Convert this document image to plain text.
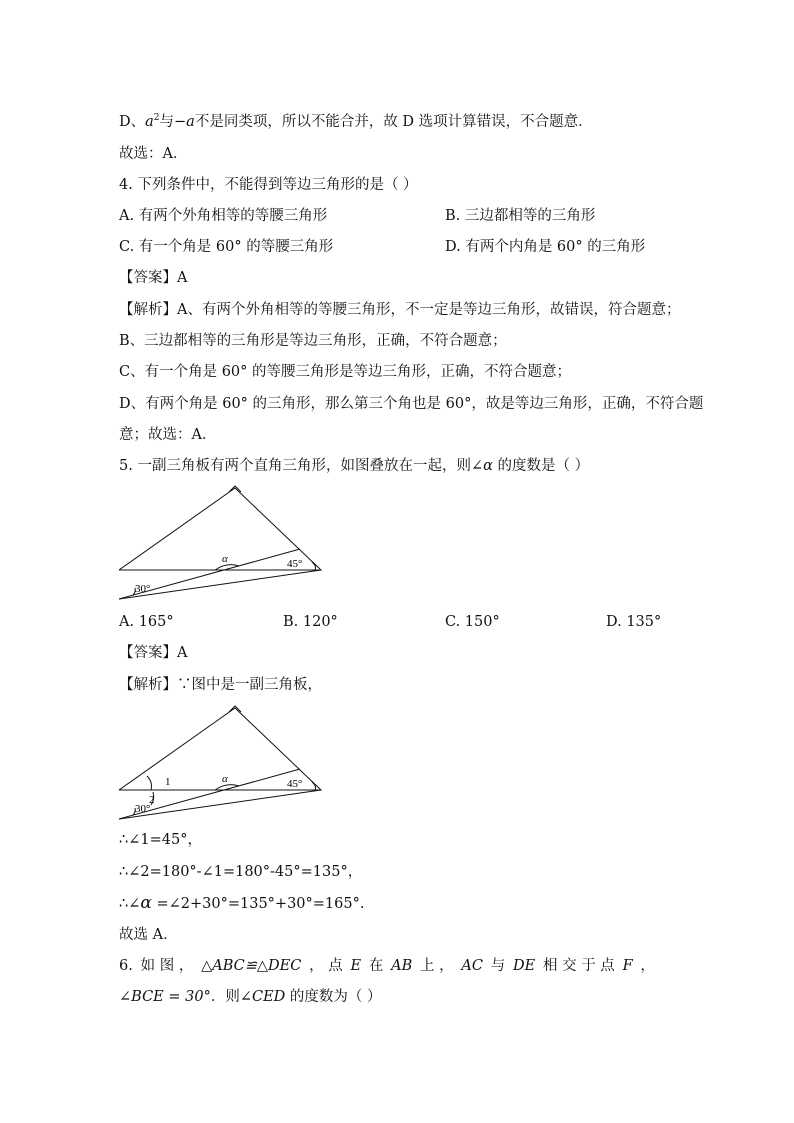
D、$a^2$与−a不是同类项，所以不能合并，故 D 选项计算错误，不合题意．
故选：A．
4. 下列条件中，不能得到等边三角形的是（ ）
A. 有两个外角相等的等腰三角形	B. 三边都相等的三角形
C. 有一个角是 60° 的等腰三角形	D. 有两个内角是 60° 的三角形
【答案】A
【解析】A、有两个外角相等的等腰三角形，不一定是等边三角形，故错误，符合题意；
B、三边都相等的三角形是等边三角形，正确，不符合题意；
C、有一个角是 60° 的等腰三角形是等边三角形，正确，不符合题意；
D、有两个角是 60° 的三角形，那么第三个角也是 60°，故是等边三角形，正确，不符合题
意；故选：A．
5. 一副三角板有两个直角三角形，如图叠放在一起，则∠α 的度数是（ ）
α	45°
30°
A. 165°	B. 120°	C. 150°	D. 135°
【答案】A
【解析】∵图中是一副三角板，
α	45°
30°
1
2
∴∠1=45°，
∴∠2=180°-∠1=180°-45°=135°，
∴∠α =∠2+30°=135°+30°=165°.
故选 A．
6. 如 图 ， △ABC≌△DEC ， 点 E 在 AB 上 ， AC 与 DE 相 交 于 点 F ，
∠BCE = 30°．则∠CED 的度数为（ ）
